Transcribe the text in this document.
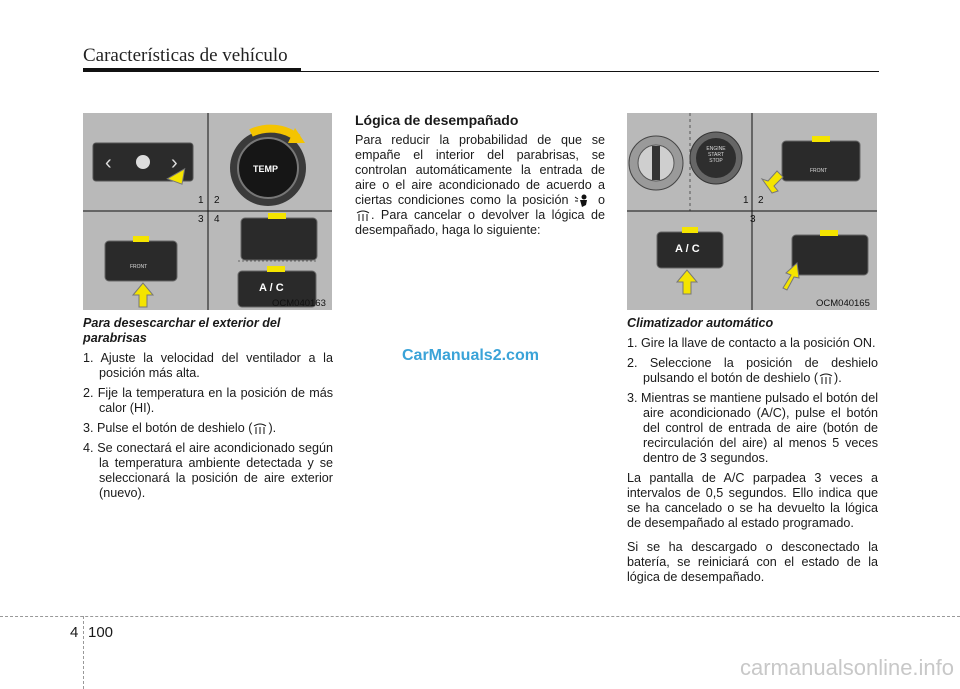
Características de vehículo
‹	›
1 2
3 4
TEMP
FRONT
A / C
OCM040163
1 2
3
ENGINE
START
STOP
FRONT
A / C
OCM040165

Para desescarchar el exterior del parabrisas

1. Ajuste la velocidad del ventilador a la posición más alta.
2. Fije la temperatura en la posición de más calor (HI).
3. Pulse el botón de deshielo ( ).
4. Se conectará el aire acondicionado según la temperatura ambiente detectada y se seleccionará la posición de aire exterior (nuevo).

Lógica de desempañado

Para reducir la probabilidad de que se empañe el interior del parabrisas, se controlan automáticamente la entrada de aire o el aire acondicionado de acuerdo a ciertas condiciones como la posición o . Para cancelar o devolver la lógica de desempañado, haga lo siguiente:

Climatizador automático

1. Gire la llave de contacto a la posición ON.
2. Seleccione la posición de deshielo pulsando el botón de deshielo ( ).
3. Mientras se mantiene pulsado el botón del aire acondicionado (A/C), pulse el botón del control de entrada de aire (botón de recirculación del aire) al menos 5 veces dentro de 3 segundos.

La pantalla de A/C parpadea 3 veces a intervalos de 0,5 segundos. Ello indica que se ha cancelado o se ha devuelto la lógica de desempañado al estado programado.

Si se ha descargado o desconectado la batería, se reiniciará con el estado de la lógica de desempañado.

CarManuals2.com
carmanualsonline.info
4 100
